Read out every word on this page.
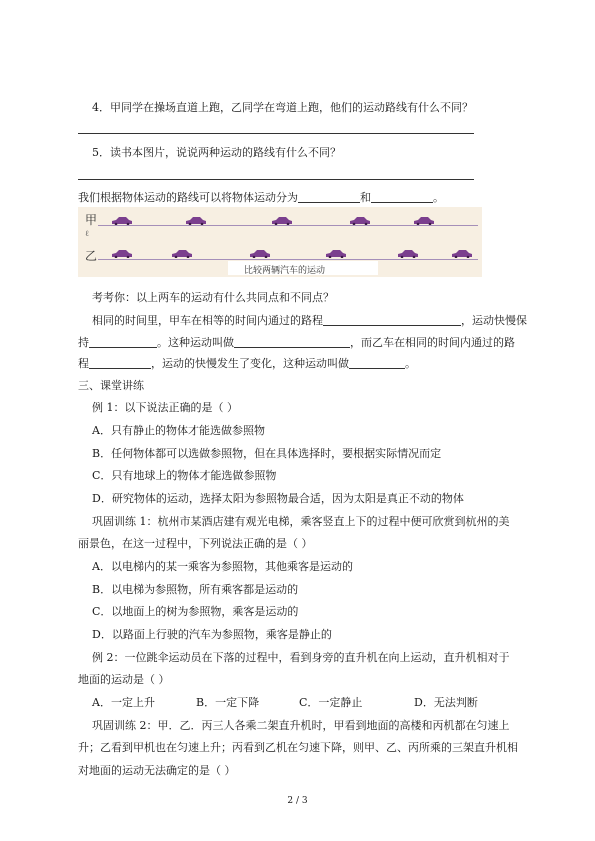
4．甲同学在操场直道上跑，乙同学在弯道上跑，他们的运动路线有什么不同？
5．读书本图片，说说两种运动的路线有什么不同？
我们根据物体运动的路线可以将物体运动分为	和	。
甲
ℓ
乙
比较两辆汽车的运动
考考你：以上两车的运动有什么共同点和不同点？
相同的时间里，甲车在相等的时间内通过的路程	，运动快慢保
持	。这种运动叫做	，而乙车在相同的时间内通过的路
程	，运动的快慢发生了变化，这种运动叫做	。
三、课堂讲练
例 1：以下说法正确的是（ ）
A．只有静止的物体才能选做参照物
B．任何物体都可以选做参照物，但在具体选择时，要根据实际情况而定
C．只有地球上的物体才能选做参照物
D．研究物体的运动，选择太阳为参照物最合适，因为太阳是真正不动的物体
巩固训练 1：杭州市某酒店建有观光电梯，乘客竖直上下的过程中便可欣赏到杭州的美
丽景色，在这一过程中，下列说法正确的是（ ）
A．以电梯内的某一乘客为参照物，其他乘客是运动的
B．以电梯为参照物，所有乘客都是运动的
C．以地面上的树为参照物，乘客是运动的
D．以路面上行驶的汽车为参照物，乘客是静止的
例 2：一位跳伞运动员在下落的过程中，看到身旁的直升机在向上运动，直升机相对于
地面的运动是（ ）
A．一定上升	B．一定下降	C．一定静止	D．无法判断
巩固训练 2：甲．乙．丙三人各乘二架直升机时，甲看到地面的高楼和丙机都在匀速上
升；乙看到甲机也在匀速上升；丙看到乙机在匀速下降，则甲、乙、丙所乘的三架直升机相
对地面的运动无法确定的是（ ）
2 / 3
